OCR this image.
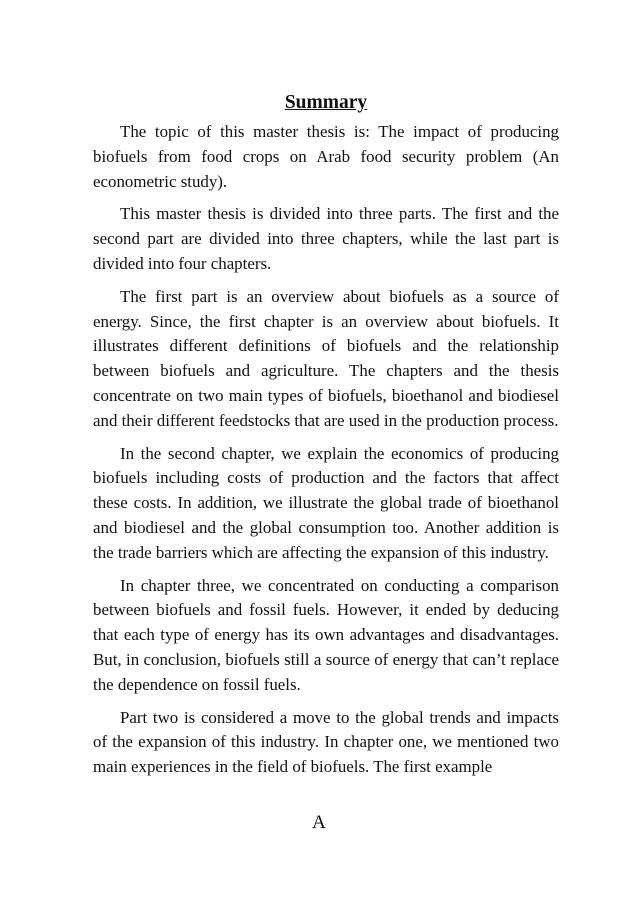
Summary

The topic of this master thesis is: The impact of producing biofuels from food crops on Arab food security problem (An econometric study).

This master thesis is divided into three parts. The first and the second part are divided into three chapters, while the last part is divided into four chapters.

The first part is an overview about biofuels as a source of energy. Since, the first chapter is an overview about biofuels. It illustrates different definitions of biofuels and the relationship between biofuels and agriculture. The chapters and the thesis concentrate on two main types of biofuels, bioethanol and biodiesel and their different feedstocks that are used in the production process.

In the second chapter, we explain the economics of producing biofuels including costs of production and the factors that affect these costs. In addition, we illustrate the global trade of bioethanol and biodiesel and the global consumption too. Another addition is the trade barriers which are affecting the expansion of this industry.

In chapter three, we concentrated on conducting a comparison between biofuels and fossil fuels. However, it ended by deducing that each type of energy has its own advantages and disadvantages. But, in conclusion, biofuels still a source of energy that can’t replace the dependence on fossil fuels.

Part two is considered a move to the global trends and impacts of the expansion of this industry. In chapter one, we mentioned two main experiences in the field of biofuels. The first example

A
